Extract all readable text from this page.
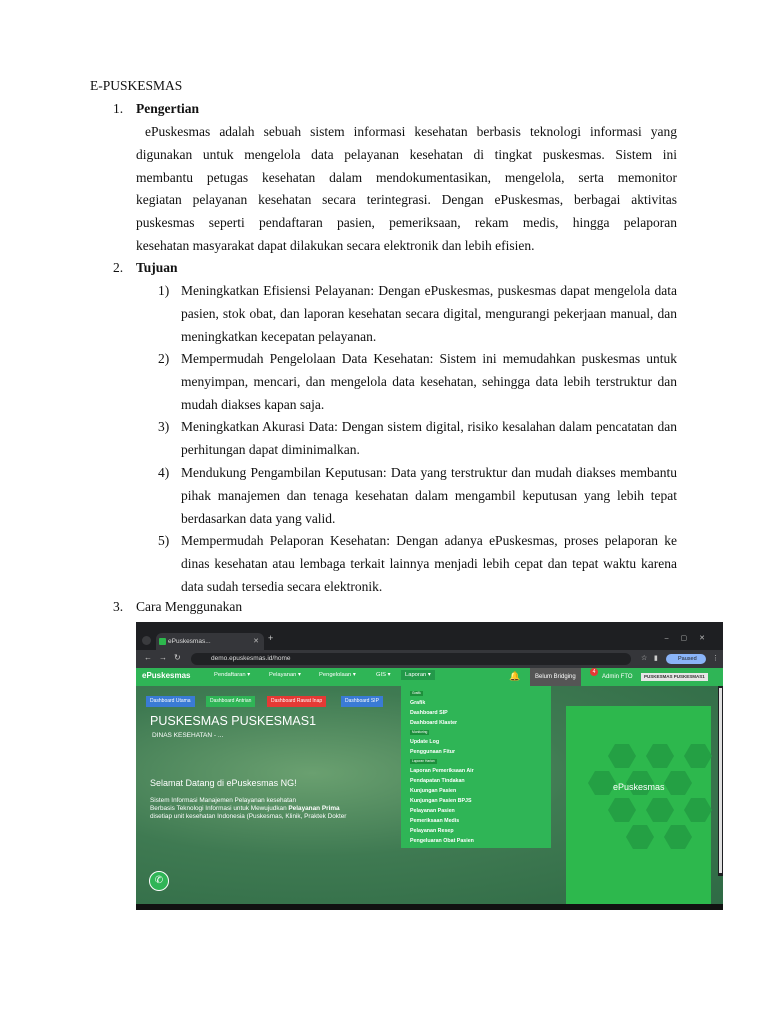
E-PUSKESMAS
1. Pengertian
ePuskesmas adalah sebuah sistem informasi kesehatan berbasis teknologi informasi yang
digunakan untuk mengelola data pelayanan kesehatan di tingkat puskesmas. Sistem ini
membantu petugas kesehatan dalam mendokumentasikan, mengelola, serta memonitor
kegiatan pelayanan kesehatan secara terintegrasi. Dengan ePuskesmas, berbagai aktivitas
puskesmas seperti pendaftaran pasien, pemeriksaan, rekam medis, hingga pelaporan
kesehatan masyarakat dapat dilakukan secara elektronik dan lebih efisien.
2. Tujuan
1) Meningkatkan Efisiensi Pelayanan: Dengan ePuskesmas, puskesmas dapat mengelola data pasien, stok obat, dan laporan kesehatan secara digital, mengurangi pekerjaan manual, dan meningkatkan kecepatan pelayanan.
2) Mempermudah Pengelolaan Data Kesehatan: Sistem ini memudahkan puskesmas untuk menyimpan, mencari, dan mengelola data kesehatan, sehingga data lebih terstruktur dan mudah diakses kapan saja.
3) Meningkatkan Akurasi Data: Dengan sistem digital, risiko kesalahan dalam pencatatan dan perhitungan dapat diminimalkan.
4) Mendukung Pengambilan Keputusan: Data yang terstruktur dan mudah diakses membantu pihak manajemen dan tenaga kesehatan dalam mengambil keputusan yang lebih tepat berdasarkan data yang valid.
5) Mempermudah Pelaporan Kesehatan: Dengan adanya ePuskesmas, proses pelaporan ke dinas kesehatan atau lembaga terkait lainnya menjadi lebih cepat dan tepat waktu karena data sudah tersedia secara elektronik.
3. Cara Menggunakan
ePuskesmas...	✕ +	–▢✕
← → ↻	demo.epuskesmas.id/home	☆ ▮	Paused	⋮
ePuskesmas	Pendaftaran ▾	Pelayanan ▾	Pengelolaan ▾	GIS ▾	Laporan ▾	🔔	Belum Bridging
4
Admin FTO	PUSKESMAS PUSKESMAS1
ePuskesmas
Dashboard Utama	Dashboard Antrian	Dashboard Rawat Inap	Dashboard SIP
PUSKESMAS PUSKESMAS1
DINAS KESEHATAN - ...
Selamat Datang di ePuskesmas NG!
Sistem Informasi Manajemen Pelayanan kesehatan
Berbasis Teknologi Informasi untuk Mewujudkan Pelayanan Prima
disetiap unit kesehatan Indonesia (Puskesmas, Klinik, Praktek Dokter
✆
Grafik
Grafik
Dashboard SIP
Dashboard Klaster
Monitoring
Update Log
Penggunaan Fitur
Laporan Harian
Laporan Pemeriksaan Air
Pendapatan Tindakan
Kunjungan Pasien
Kunjungan Pasien BPJS
Pelayanan Pasien
Pemeriksaan Medis
Pelayanan Resep
Pengeluaran Obat Pasien
